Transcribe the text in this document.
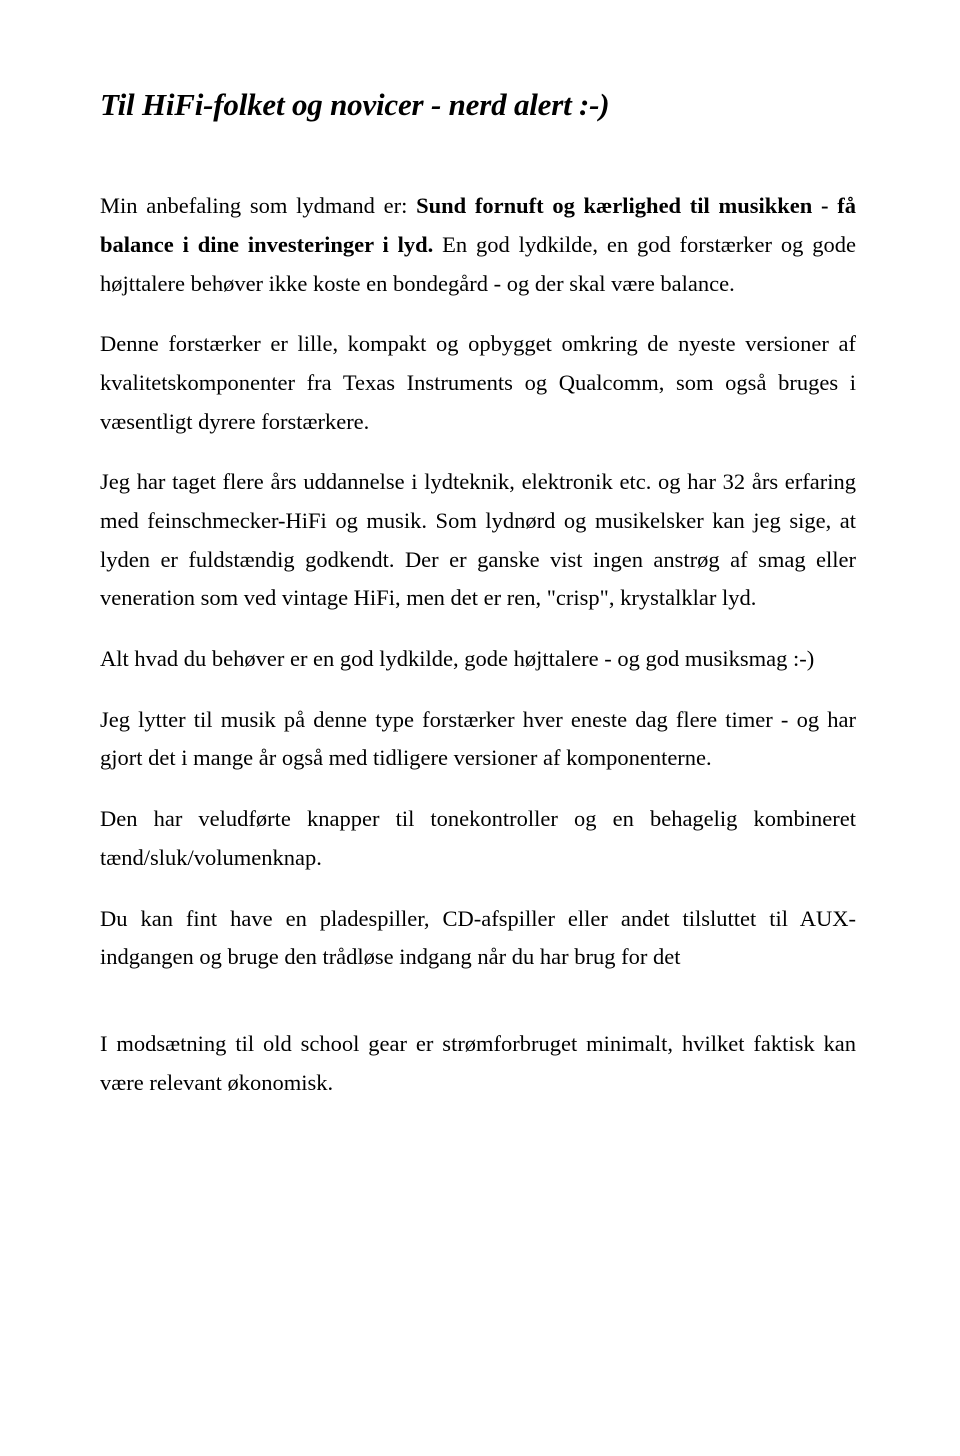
Til HiFi-folket og novicer - nerd alert :-)

Min anbefaling som lydmand er: Sund fornuft og kærlighed til musikken - få balance i dine investeringer i lyd. En god lydkilde, en god forstærker og gode højttalere behøver ikke koste en bondegård - og der skal være balance.

Denne forstærker er lille, kompakt og opbygget omkring de nyeste versioner af kvalitetskomponenter fra Texas Instruments og Qualcomm, som også bruges i væsentligt dyrere forstærkere.

Jeg har taget flere års uddannelse i lydteknik, elektronik etc. og har 32 års erfaring med feinschmecker-HiFi og musik. Som lydnørd og musikelsker kan jeg sige, at lyden er fuldstændig godkendt. Der er ganske vist ingen anstrøg af smag eller veneration som ved vintage HiFi, men det er ren, "crisp", krystalklar lyd.

Alt hvad du behøver er en god lydkilde, gode højttalere - og god musiksmag :-)

Jeg lytter til musik på denne type forstærker hver eneste dag flere timer - og har gjort det i mange år også med tidligere versioner af komponenterne.

Den har veludførte knapper til tonekontroller og en behagelig kombineret tænd/sluk/volumenknap.

Du kan fint have en pladespiller, CD-afspiller eller andet tilsluttet til AUX-indgangen og bruge den trådløse indgang når du har brug for det

I modsætning til old school gear er strømforbruget minimalt, hvilket faktisk kan være relevant økonomisk.
